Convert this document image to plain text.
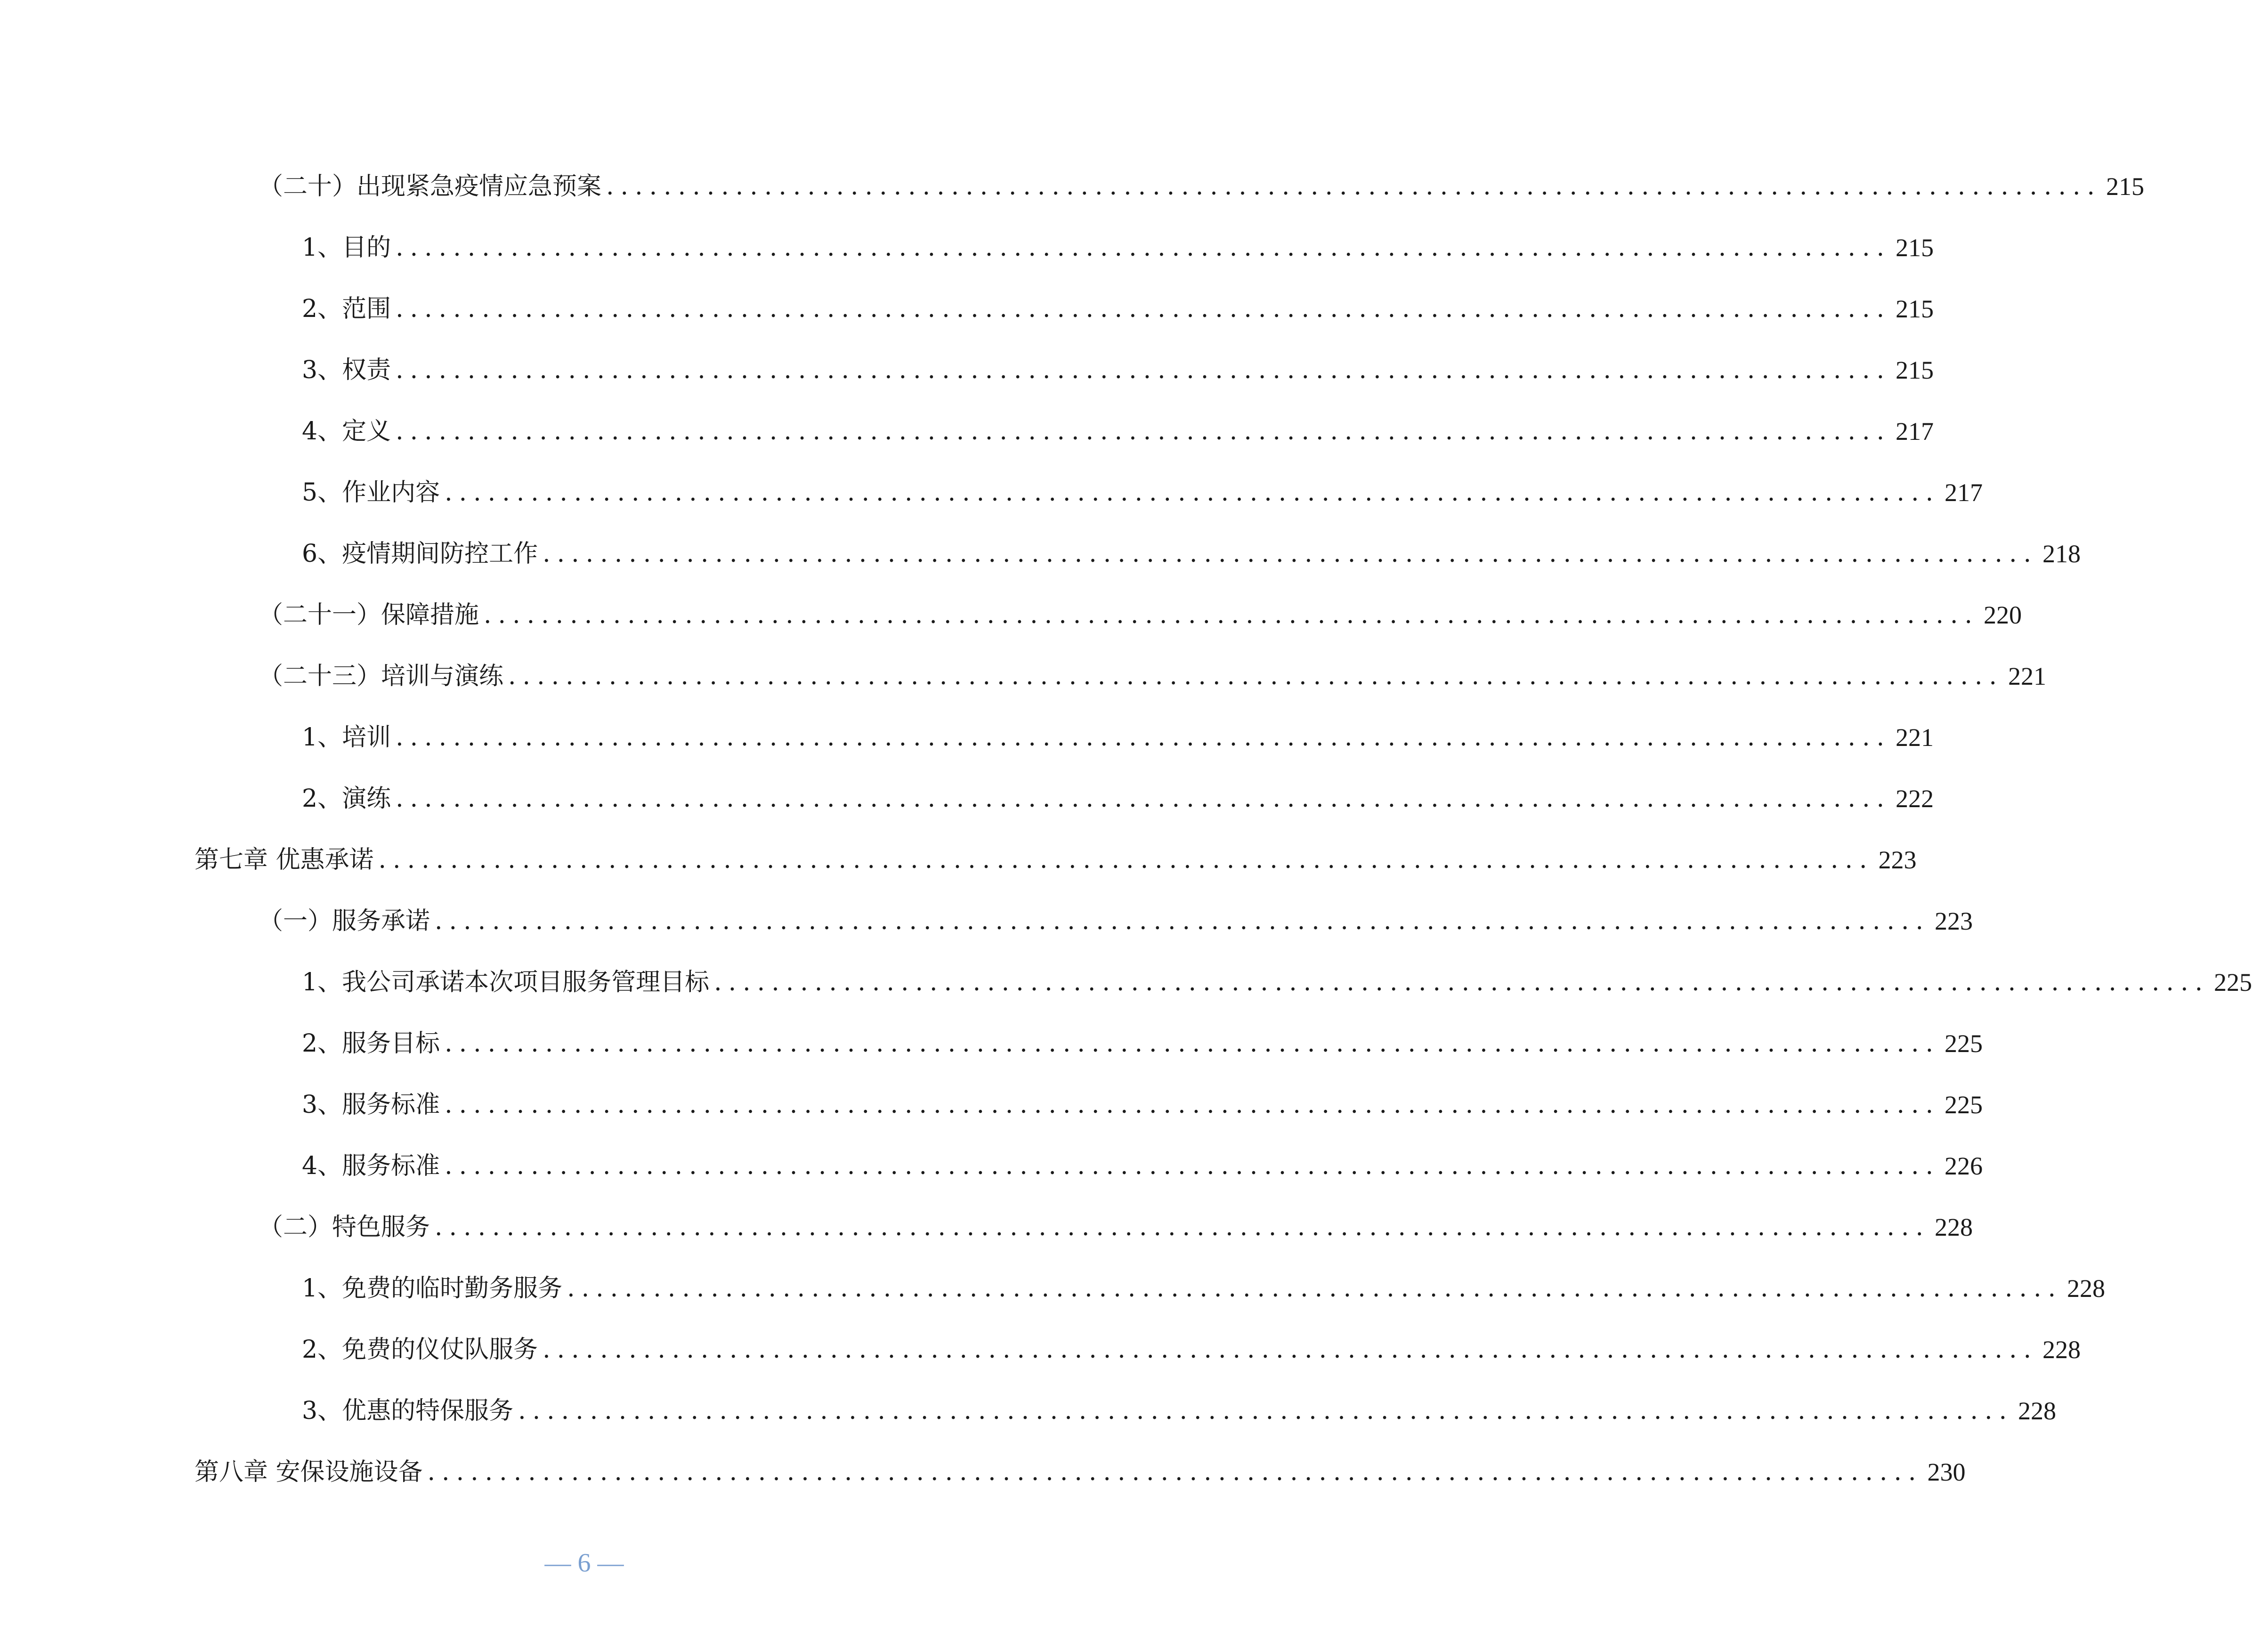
（二十）出现紧急疫情应急预案 ........................................................................................................ 215
1、目的 ........................................................................................................ 215
2、范围 ........................................................................................................ 215
3、权责 ........................................................................................................ 215
4、定义 ........................................................................................................ 217
5、作业内容 ........................................................................................................ 217
6、疫情期间防控工作 ........................................................................................................ 218
（二十一）保障措施 ........................................................................................................ 220
（二十三）培训与演练 ........................................................................................................ 221
1、培训 ........................................................................................................ 221
2、演练 ........................................................................................................ 222
第七章 优惠承诺 ........................................................................................................ 223
（一）服务承诺 ........................................................................................................ 223
1、我公司承诺本次项目服务管理目标 ........................................................................................................ 225
2、服务目标 ........................................................................................................ 225
3、服务标准 ........................................................................................................ 225
4、服务标准 ........................................................................................................ 226
（二）特色服务 ........................................................................................................ 228
1、免费的临时勤务服务 ........................................................................................................ 228
2、免费的仪仗队服务 ........................................................................................................ 228
3、优惠的特保服务 ........................................................................................................ 228
第八章 安保设施设备 ........................................................................................................ 230
— 6 —
